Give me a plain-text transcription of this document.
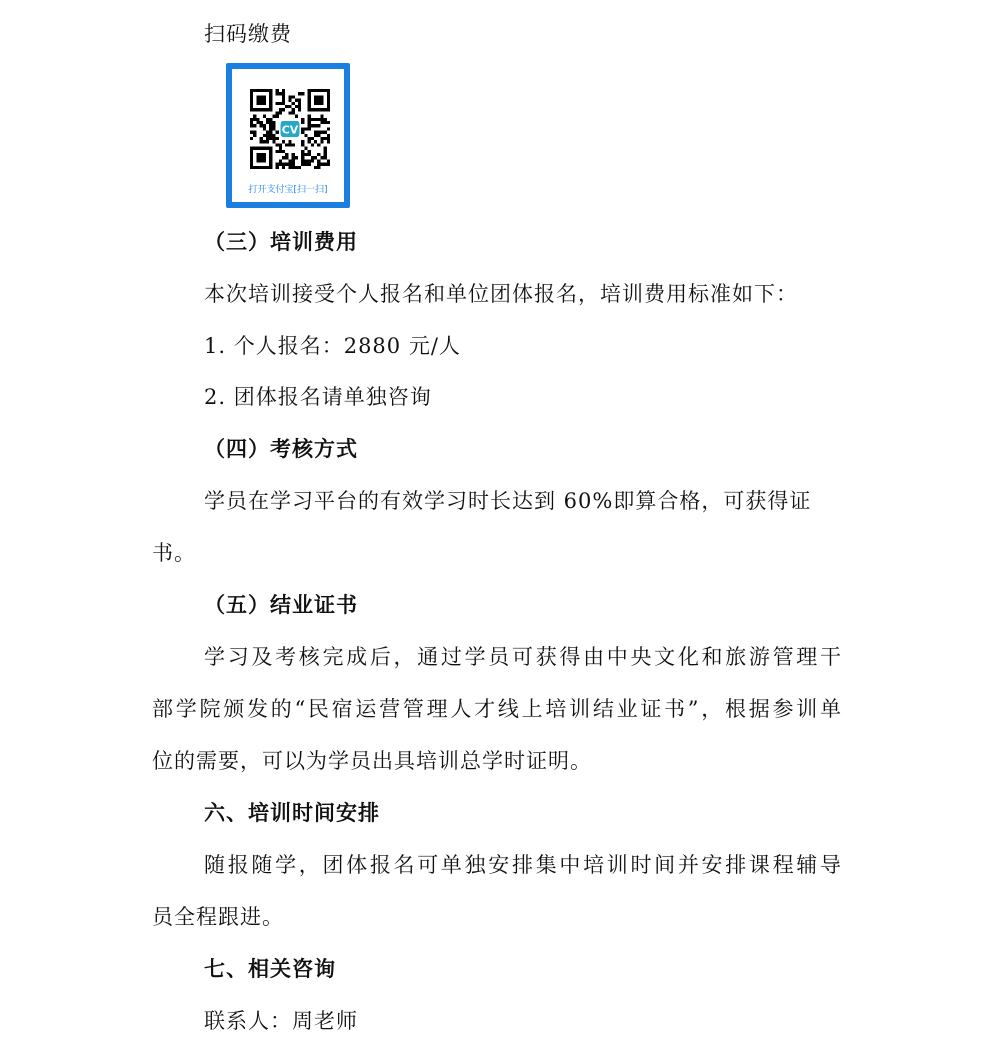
扫码缴费
CV
打开支付宝[扫一扫]
（三）培训费用
本次培训接受个人报名和单位团体报名，培训费用标准如下：
1. 个人报名：2880 元/人
2. 团体报名请单独咨询
（四）考核方式
学员在学习平台的有效学习时长达到 60%即算合格，可获得证
书。
（五）结业证书
学习及考核完成后，通过学员可获得由中央文化和旅游管理干
部学院颁发的“民宿运营管理人才线上培训结业证书”，根据参训单
位的需要，可以为学员出具培训总学时证明。
六、培训时间安排
随报随学，团体报名可单独安排集中培训时间并安排课程辅导
员全程跟进。
七、相关咨询
联系人：周老师
